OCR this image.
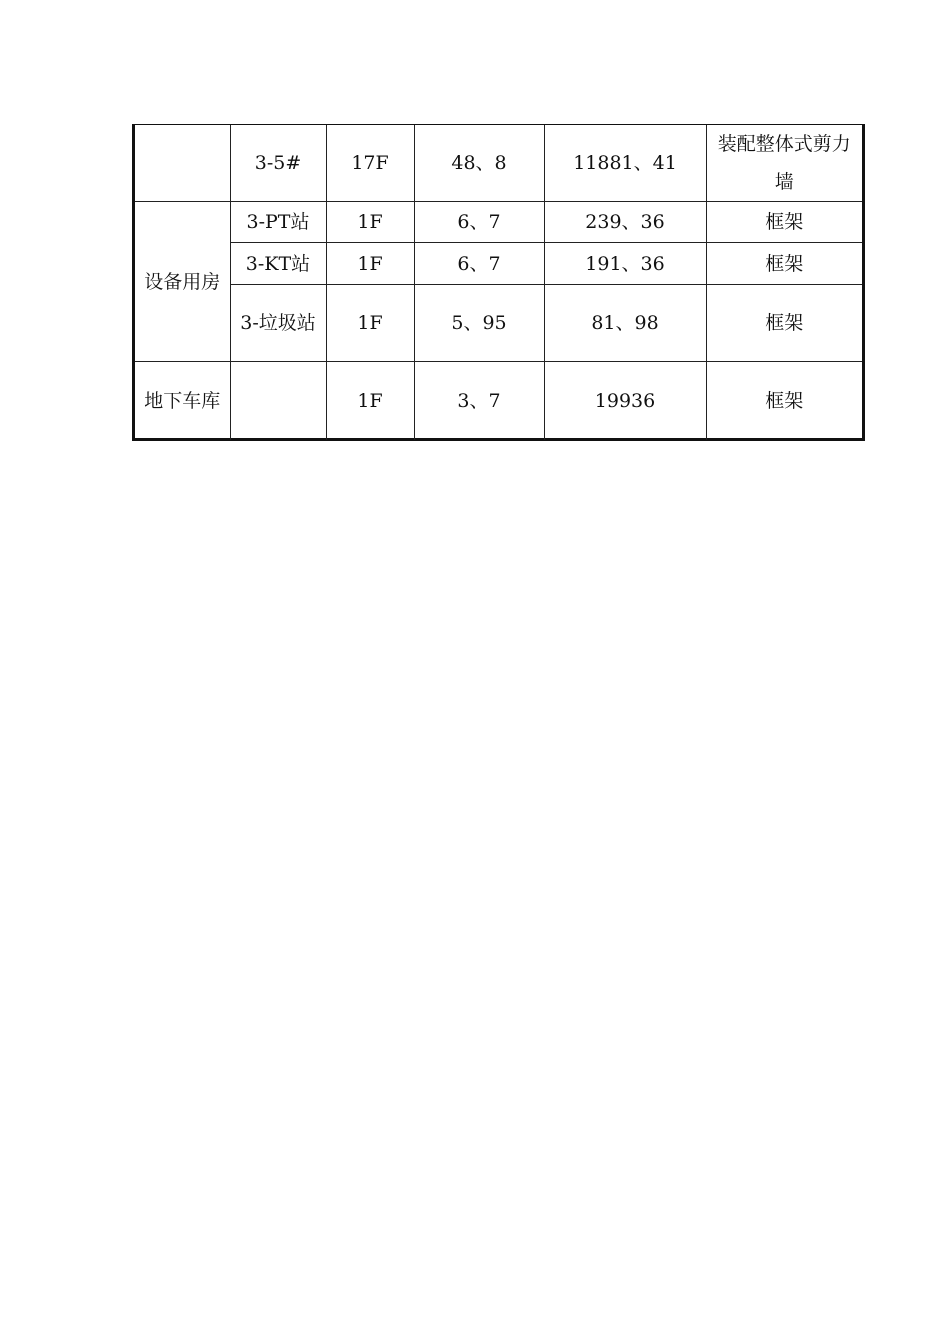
	3-5#	17F	48、8	11881、41	装配整体式剪力墙
设备用房	3-PT站	1F	6、7	239、36	框架
	3-KT站	1F	6、7	191、36	框架
	3-垃圾站	1F	5、95	81、98	框架
地下车库		1F	3、7	19936	框架
